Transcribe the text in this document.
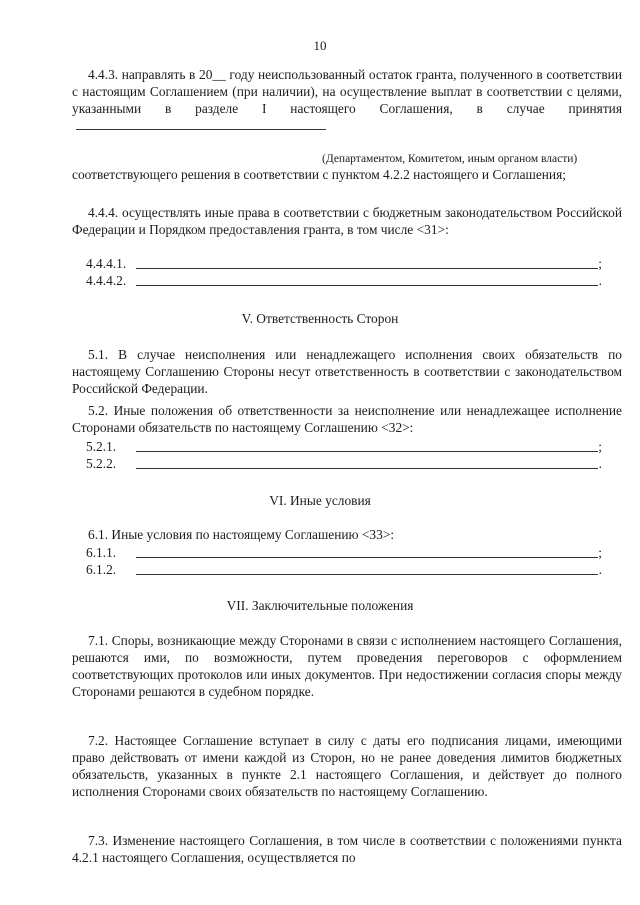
10

4.4.3. направлять в 20__ году неиспользованный остаток гранта, полученного в соответствии с настоящим Соглашением (при наличии), на осуществление выплат в соответствии с целями, указанными в разделе I настоящего Соглашения, в случае принятия

(Департаментом, Комитетом, иным органом власти)

соответствующего решения в соответствии с пунктом 4.2.2 настоящего и Соглашения;

4.4.4. осуществлять иные права в соответствии с бюджетным законодательством Российской Федерации и Порядком предоставления гранта, в том числе <31>:

4.4.4.1.	;
4.4.4.2.	.
V. Ответственность Сторон

5.1. В случае неисполнения или ненадлежащего исполнения своих обязательств по настоящему Соглашению Стороны несут ответственность в соответствии с законодательством Российской Федерации.

5.2. Иные положения об ответственности за неисполнение или ненадлежащее исполнение Сторонами обязательств по настоящему Соглашению <32>:

5.2.1.	;
5.2.2.	.
VI. Иные условия

6.1. Иные условия по настоящему Соглашению <33>:

6.1.1.	;
6.1.2.	.
VII. Заключительные положения

7.1. Споры, возникающие между Сторонами в связи с исполнением настоящего Соглашения, решаются ими, по возможности, путем проведения переговоров с оформлением соответствующих протоколов или иных документов. При недостижении согласия споры между Сторонами решаются в судебном порядке.

7.2. Настоящее Соглашение вступает в силу с даты его подписания лицами, имеющими право действовать от имени каждой из Сторон, но не ранее доведения лимитов бюджетных обязательств, указанных в пункте 2.1 настоящего Соглашения, и действует до полного исполнения Сторонами своих обязательств по настоящему Соглашению.

7.3. Изменение настоящего Соглашения, в том числе в соответствии с положениями пункта 4.2.1 настоящего Соглашения, осуществляется по
